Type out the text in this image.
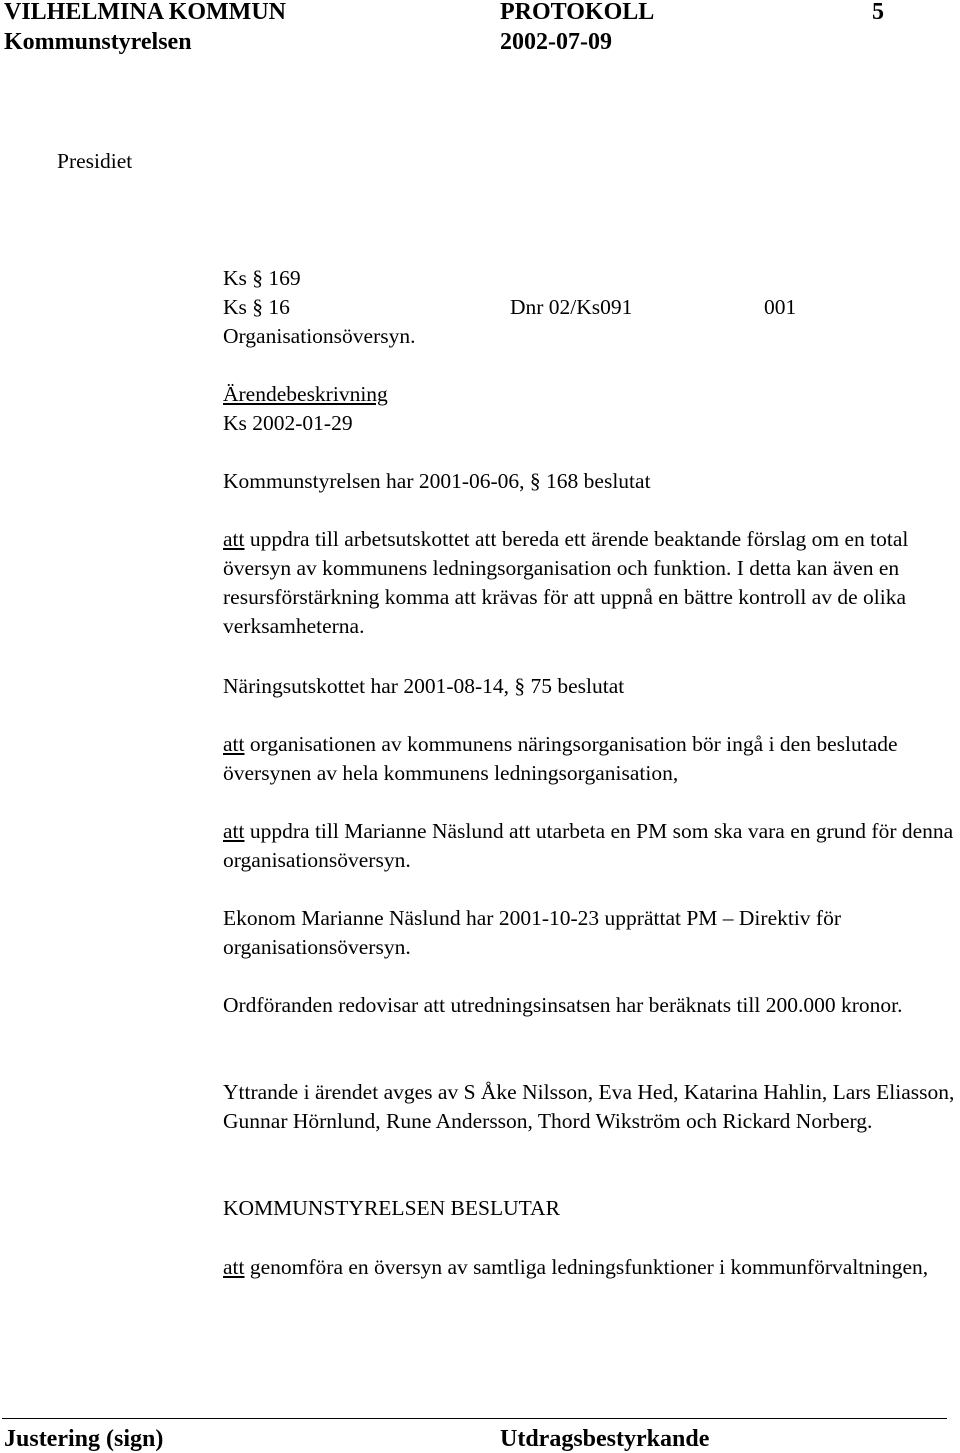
VILHELMINA KOMMUN	PROTOKOLL	5
Kommunstyrelsen	2002-07-09
Presidiet
Ks § 169
Ks § 16	Dnr 02/Ks091	001
Organisationsöversyn.
Ärendebeskrivning
Ks 2002-01-29

Kommunstyrelsen har 2001-06-06, § 168 beslutat

att uppdra till arbetsutskottet att bereda ett ärende beaktande förslag om en total översyn av kommunens ledningsorganisation och funktion. I detta kan även en resursförstärkning komma att krävas för att uppnå en bättre kontroll av de olika verksamheterna.

Näringsutskottet har 2001-08-14, § 75 beslutat

att organisationen av kommunens näringsorganisation bör ingå i den beslutade översynen av hela kommunens ledningsorganisation,

att uppdra till Marianne Näslund att utarbeta en PM som ska vara en grund för denna organisationsöversyn.

Ekonom Marianne Näslund har 2001-10-23 upprättat PM – Direktiv för organisationsöversyn.

Ordföranden redovisar att utredningsinsatsen har beräknats till 200.000 kronor.

Yttrande i ärendet avges av S Åke Nilsson, Eva Hed, Katarina Hahlin, Lars Eliasson, Gunnar Hörnlund, Rune Andersson, Thord Wikström och Rickard Norberg.

KOMMUNSTYRELSEN BESLUTAR

att genomföra en översyn av samtliga ledningsfunktioner i kommunförvaltningen,

Justering (sign)	Utdragsbestyrkande
